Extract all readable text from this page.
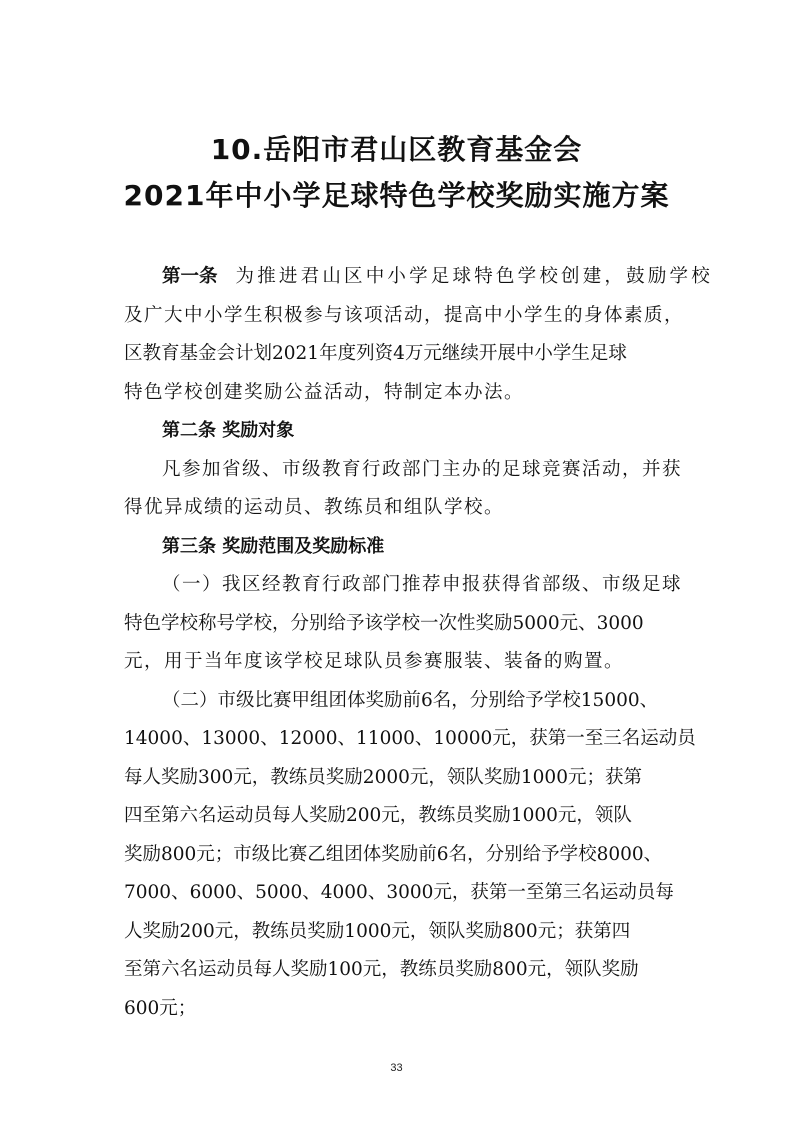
10.岳阳市君山区教育基金会
2021年中小学足球特色学校奖励实施方案
第一条 为推进君山区中小学足球特色学校创建，鼓励学校
及广大中小学生积极参与该项活动，提高中小学生的身体素质，
区教育基金会计划2021年度列资4万元继续开展中小学生足球
特色学校创建奖励公益活动，特制定本办法。
第二条 奖励对象
凡参加省级、市级教育行政部门主办的足球竞赛活动，并获
得优异成绩的运动员、教练员和组队学校。
第三条 奖励范围及奖励标准
（一）我区经教育行政部门推荐申报获得省部级、市级足球
特色学校称号学校，分别给予该学校一次性奖励5000元、3000
元，用于当年度该学校足球队员参赛服装、装备的购置。
（二）市级比赛甲组团体奖励前6名，分别给予学校15000、
14000、13000、12000、11000、10000元，获第一至三名运动员
每人奖励300元，教练员奖励2000元，领队奖励1000元；获第
四至第六名运动员每人奖励200元，教练员奖励1000元，领队
奖励800元；市级比赛乙组团体奖励前6名，分别给予学校8000、
7000、6000、5000、4000、3000元，获第一至第三名运动员每
人奖励200元，教练员奖励1000元，领队奖励800元；获第四
至第六名运动员每人奖励100元，教练员奖励800元，领队奖励
600元；
33
